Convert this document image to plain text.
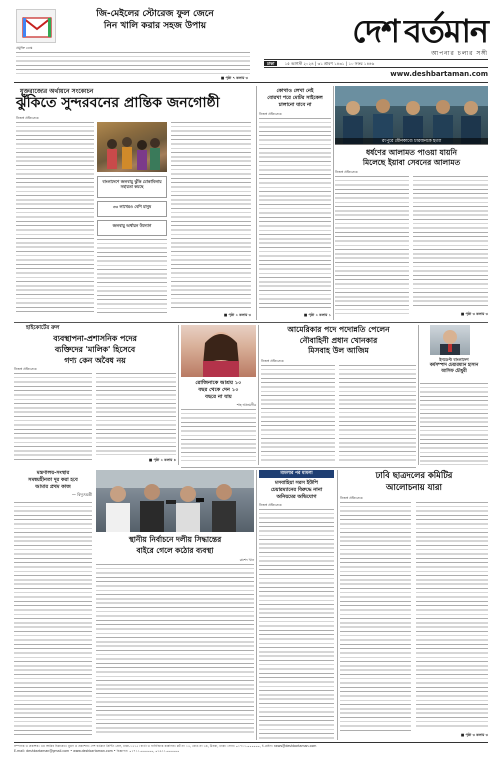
জি-মেইলের স্টোরেজ ফুল জেনে
নিন খালি করার সহজ উপায়
প্রযুক্তি ডেস্ক
■ পৃষ্ঠা ৭ কলাম ৩
দেশ বর্তমান
আপনার চলার সঙ্গী
ঢাকা	১৫ আগস্ট ২০২৪ | ৩১ শ্রাবণ ১৪৩১ | ১০ সফর ১৪৪৬
www.deshbartaman.com
যুক্তরাজ্যের অর্থায়নে সংকোচন
ঝুঁকিতে সুন্দরবনের প্রান্তিক জনগোষ্ঠী
নিজস্ব প্রতিবেদক
বাংলাদেশে জলবায়ু ঝুঁকি মোকাবিলায় সহায়তা কমছে
৩৩ লাখেরও বেশি মানুষ
জলবায়ু অর্থায়ন উদ্যোগ
■ পৃষ্ঠা ২ কলাম ৩
কোথাও লেখা নেই
বোরখা পরে মোটর সাইকেল
চালানো যাবে না
নিজস্ব প্রতিবেদক
■ পৃষ্ঠা ২ কলাম ১
রংপুরে যৌনকাণ্ডে চারজনকে হত্যা
ধর্ষণের আলামত পাওয়া যায়নি
মিলেছে ইয়াবা সেবনের আলামত
নিজস্ব প্রতিবেদক
■ পৃষ্ঠা ৩ কলাম ৩
হাইকোর্টের রুল
ব্যবস্থাপনা-প্রশাসনিক পদের
ব্যক্তিদের 'মালিক' হিসেবে
গণ্য কেন অবৈধ নয়
নিজস্ব প্রতিবেদক
■ পৃষ্ঠা ২ কলাম ৪
রোজিনাকে আশ্রয় ১০
বছর থেকে দেন ১০
বছরে না যায়
শাহ আলমগীর
আমেরিকার পদে পদোন্নতি পেলেন
নৌবাহিনী প্রধান খোনকার
মিসবাহ উল আজিম
নিজস্ব প্রতিবেদক	ইনডেপ্ট বাংলাদেশ
কর্মসম্পাদ চেয়ারম্যান হাসান
আসিফ চৌধুরী
মন্ত্রণালয়-সংস্থার
সমন্বয়হীনতা দূর করা হবে
আমার প্রথম কাজ
— বিদ্যুৎমন্ত্রী
স্থানীয় নির্বাচনে দলীয় সিদ্ধান্তের
বাইরে গেলে কঠোর ব্যবস্থা
রাশেদ খান
মামলার পর মামলা
মসবাহিয়া সরস ইউপি
চেয়ারম্যানের বিরুদ্ধে নানা
অনিয়মের অভিযোগ
নিজস্ব প্রতিবেদক
ঢাবি ছাত্রদলের কমিটির
আলোচনায় যারা
নিজস্ব প্রতিবেদক
■ পৃষ্ঠা ৩ কলাম ৩
সম্পাদক ও প্রকাশক: এম আমির হিমায়েত। মুদ্রণ ও প্রকাশনা: দেশ বর্তমান প্রিন্টিং প্রেস, ঢাকা-১২১৫। বার্তা ও বাণিজ্যিক কার্যালয়: প্লট নং ১২, রোড নং ৩৪, উত্তরা, ঢাকা। ফোন: ০১৭১১-০০০০০০, ই-মেইল: news@deshbartaman.com
E-mail: deshbartaman@gmail.com • www.deshbartaman.com • বিজ্ঞাপন: ০১৭১১-০০০০০০, ০১৯১১-০০০০০০
